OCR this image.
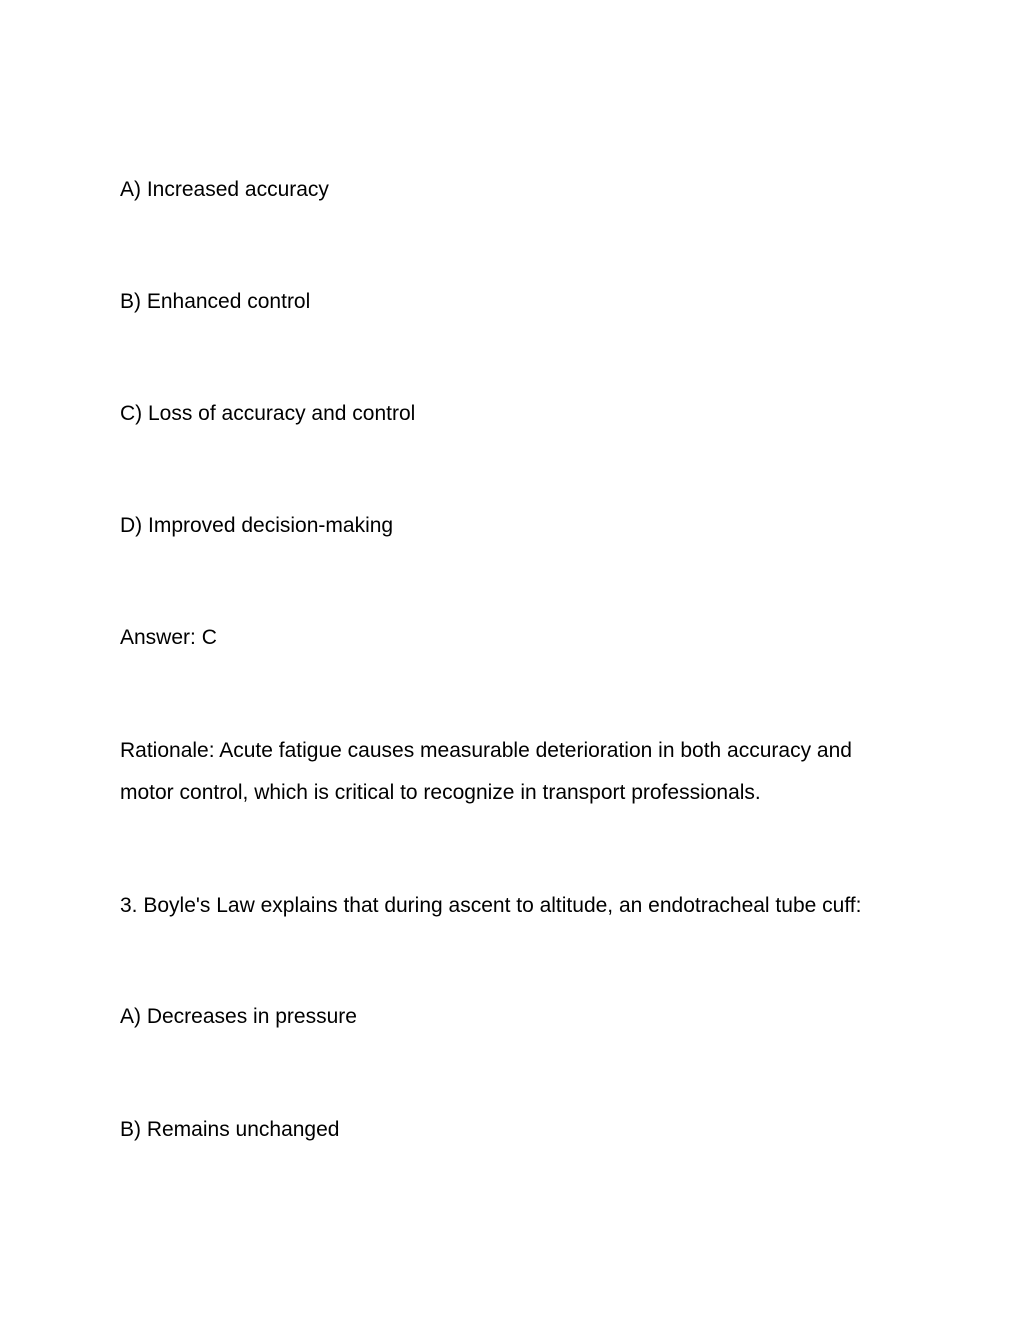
A) Increased accuracy
B) Enhanced control
C) Loss of accuracy and control
D) Improved decision-making
Answer: C
Rationale: Acute fatigue causes measurable deterioration in both accuracy and motor control, which is critical to recognize in transport professionals.
3. Boyle's Law explains that during ascent to altitude, an endotracheal tube cuff:
A) Decreases in pressure
B) Remains unchanged
